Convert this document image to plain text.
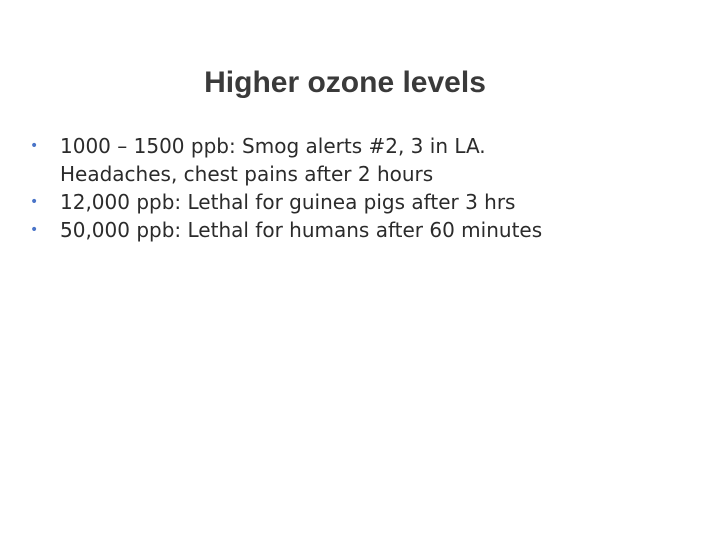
Higher ozone levels
•	1000 – 1500 ppb: Smog alerts #2, 3 in LA.
Headaches, chest pains after 2 hours
•	12,000 ppb: Lethal for guinea pigs after 3 hrs
•	50,000 ppb: Lethal for humans after 60 minutes
